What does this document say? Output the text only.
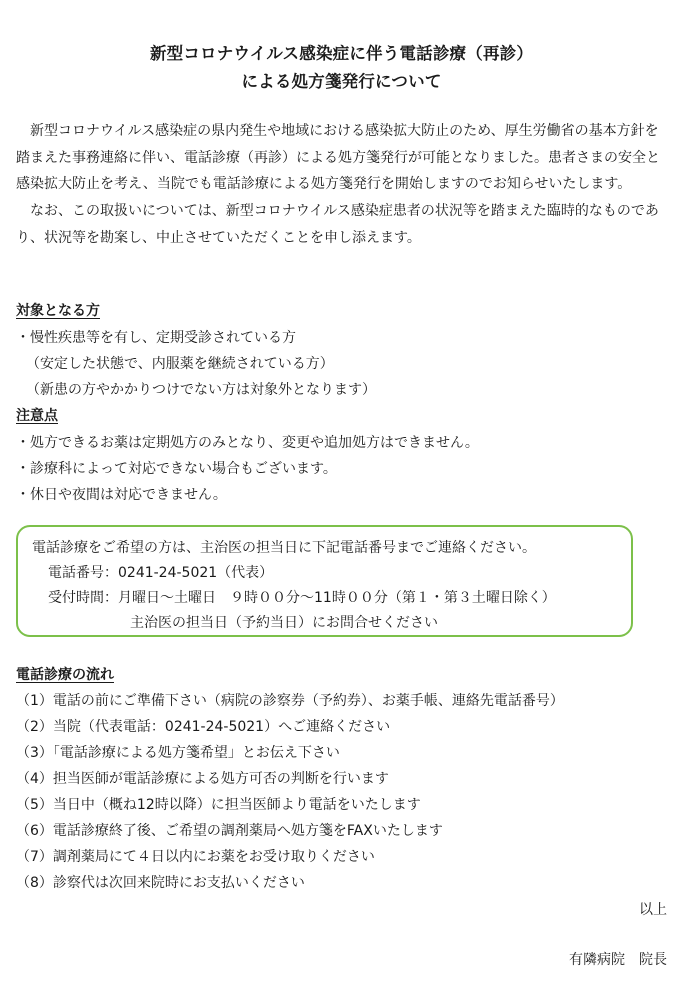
新型コロナウイルス感染症に伴う電話診療（再診）
による処方箋発行について

新型コロナウイルス感染症の県内発生や地域における感染拡大防止のため、厚生労働省の基本方針を踏まえた事務連絡に伴い、電話診療（再診）による処方箋発行が可能となりました。患者さまの安全と感染拡大防止を考え、当院でも電話診療による処方箋発行を開始しますのでお知らせいたします。

なお、この取扱いについては、新型コロナウイルス感染症患者の状況等を踏まえた臨時的なものであり、状況等を勘案し、中止させていただくことを申し添えます。

対象となる方
・慢性疾患等を有し、定期受診されている方
（安定した状態で、内服薬を継続されている方）
（新患の方やかかりつけでない方は対象外となります）
注意点
・処方できるお薬は定期処方のみとなり、変更や追加処方はできません。
・診療科によって対応できない場合もございます。
・休日や夜間は対応できません。
電話診療をご希望の方は、主治医の担当日に下記電話番号までご連絡ください。
電話番号：0241-24-5021（代表）
受付時間：月曜日～土曜日　９時００分～11時００分（第１・第３土曜日除く）
主治医の担当日（予約当日）にお問合せください
電話診療の流れ
（1）電話の前にご準備下さい（病院の診察券（予約券）、お薬手帳、連絡先電話番号）
（2）当院（代表電話：0241-24-5021）へご連絡ください
（3）「電話診療による処方箋希望」とお伝え下さい
（4）担当医師が電話診療による処方可否の判断を行います
（5）当日中（概ね12時以降）に担当医師より電話をいたします
（6）電話診療終了後、ご希望の調剤薬局へ処方箋をFAXいたします
（7）調剤薬局にて４日以内にお薬をお受け取りください
（8）診察代は次回来院時にお支払いください
以上
有隣病院　院長
